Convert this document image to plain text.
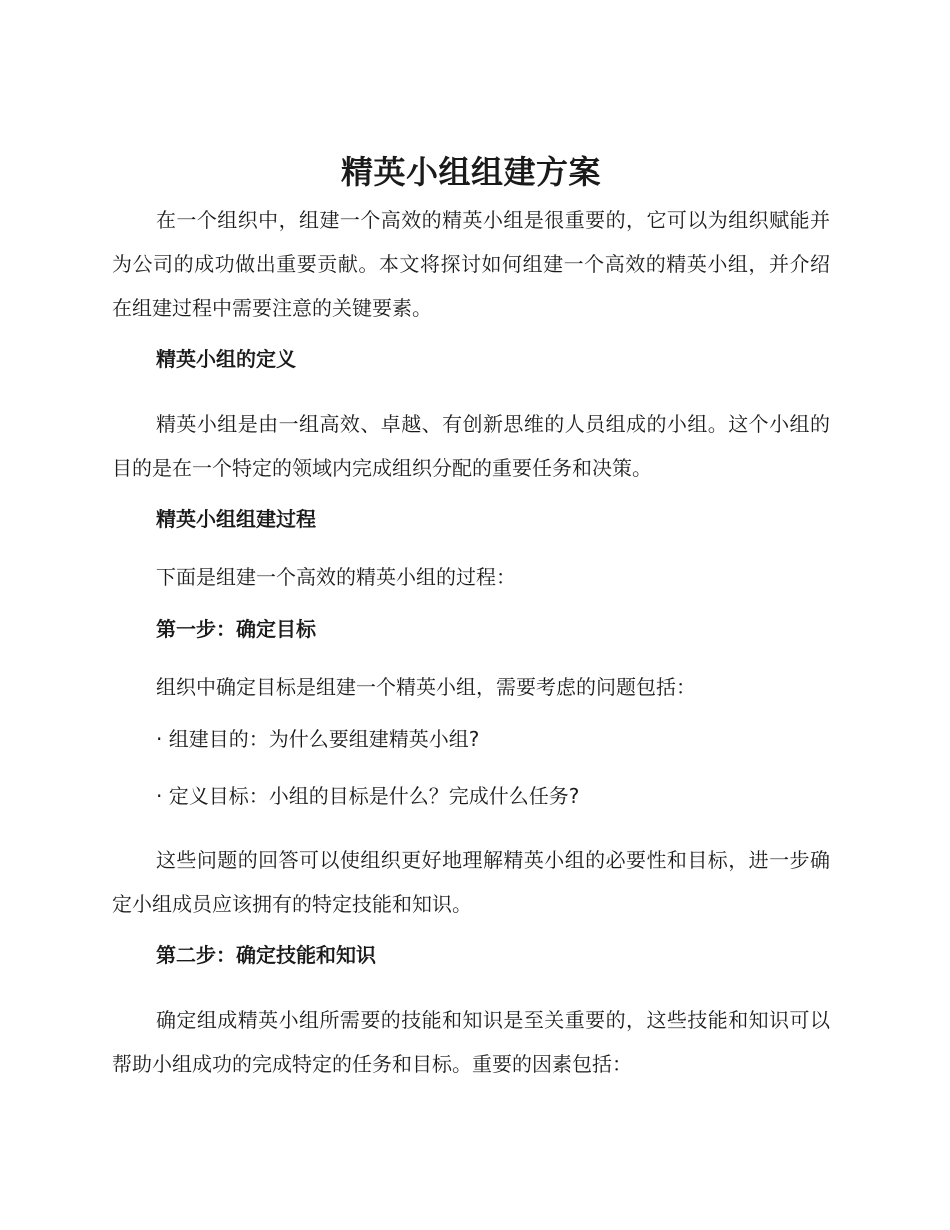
精英小组组建方案

在一个组织中，组建一个高效的精英小组是很重要的，它可以为组织赋能并为公司的成功做出重要贡献。本文将探讨如何组建一个高效的精英小组，并介绍在组建过程中需要注意的关键要素。

精英小组的定义

精英小组是由一组高效、卓越、有创新思维的人员组成的小组。这个小组的目的是在一个特定的领域内完成组织分配的重要任务和决策。

精英小组组建过程

下面是组建一个高效的精英小组的过程：

第一步：确定目标

组织中确定目标是组建一个精英小组，需要考虑的问题包括：

· 组建目的：为什么要组建精英小组?
· 定义目标：小组的目标是什么？完成什么任务?

这些问题的回答可以使组织更好地理解精英小组的必要性和目标，进一步确定小组成员应该拥有的特定技能和知识。

第二步：确定技能和知识

确定组成精英小组所需要的技能和知识是至关重要的，这些技能和知识可以帮助小组成功的完成特定的任务和目标。重要的因素包括：
